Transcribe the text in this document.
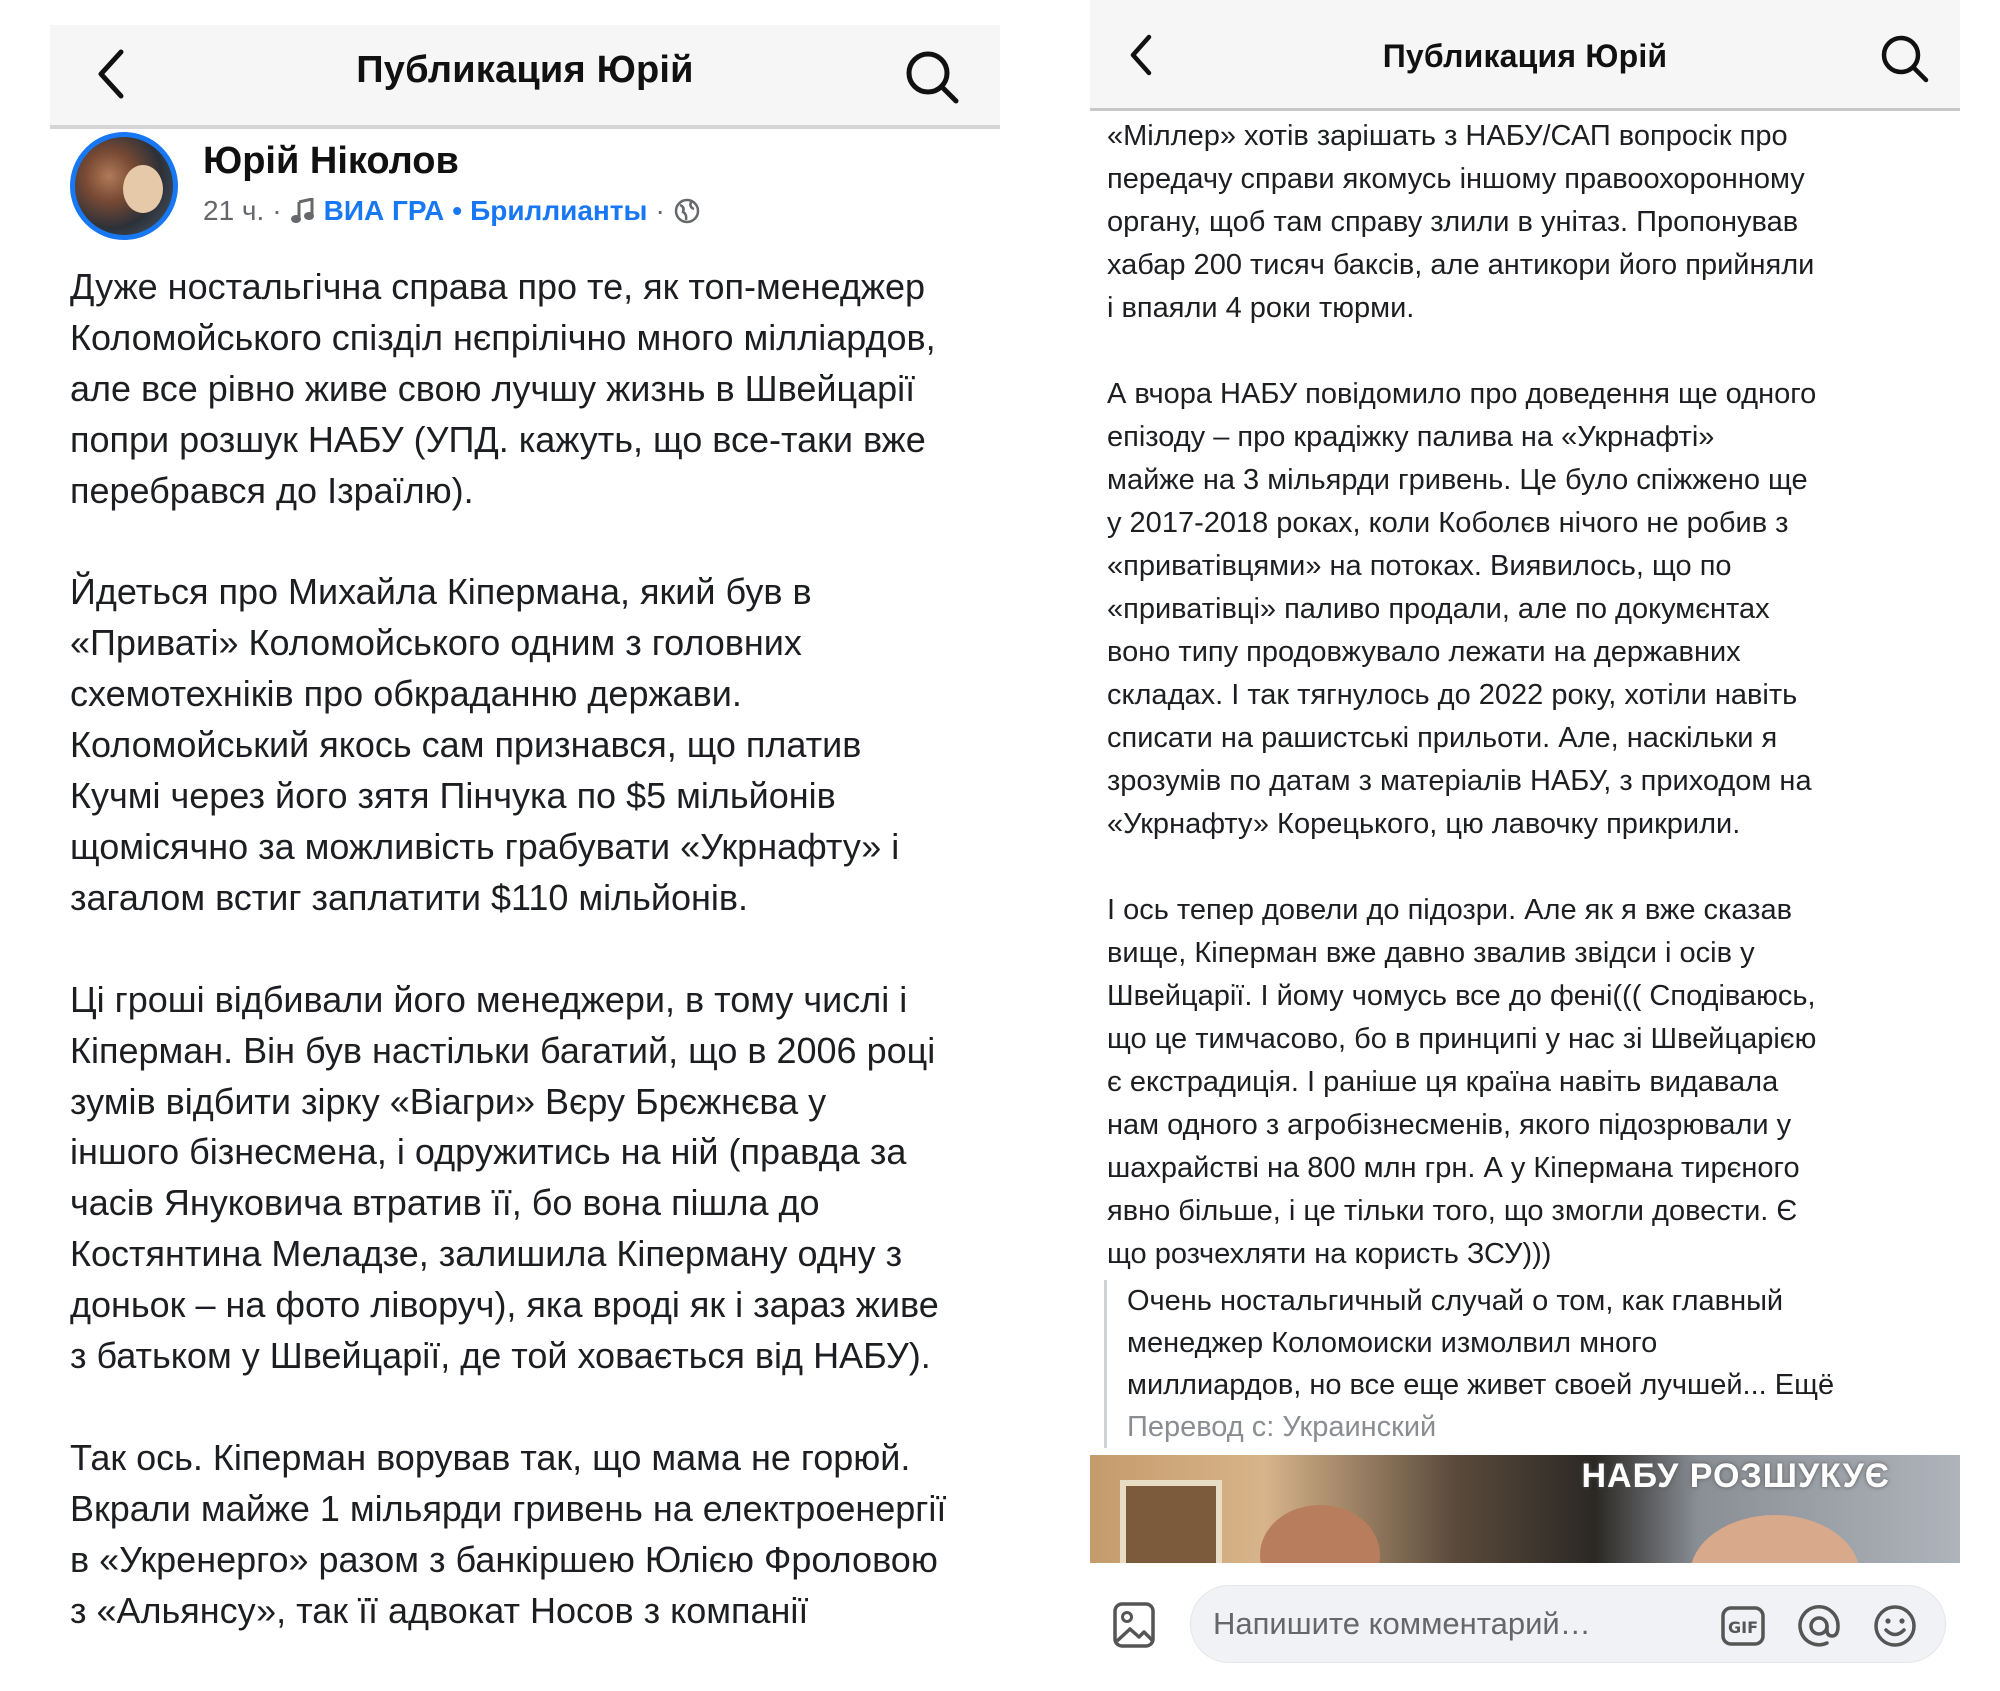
Публикация Юрій
Юрій Ніколов
21 ч. · ВИА ГРА • Бриллианты ·
Дуже ностальгічна справа про те, як топ-менеджер
Коломойського спізділ нєпрілічно много мілліардов,
але все рівно живе свою лучшу жизнь в Швейцарії
попри розшук НАБУ (УПД. кажуть, що все-таки вже
перебрався до Ізраїлю).

Йдеться про Михайла Кіпермана, який був в
«Приваті» Коломойського одним з головних
схемотехніків про обкраданню держави.
Коломойський якось сам признався, що платив
Кучмі через його зятя Пінчука по $5 мільйонів
щомісячно за можливість грабувати «Укрнафту» і
загалом встиг заплатити $110 мільйонів.

Ці гроші відбивали його менеджери, в тому числі і
Кіперман. Він був настільки багатий, що в 2006 році
зумів відбити зірку «Віагри» Вєру Брєжнєва у
іншого бізнесмена, і одружитись на ній (правда за
часів Януковича втратив її, бо вона пішла до
Костянтина Меладзе, залишила Кіперману одну з
доньок – на фото ліворуч), яка вроді як і зараз живе
з батьком у Швейцарії, де той ховається від НАБУ).

Так ось. Кіперман ворував так, що мама не горюй.
Вкрали майже 1 мільярди гривень на електроенергії
в «Укренерго» разом з банкіршею Юлією Фроловою
з «Альянсу», так її адвокат Носов з компанії
Публикация Юрій
«Міллер» хотів зарішать з НАБУ/САП вопросік про
передачу справи якомусь іншому правоохоронному
органу, щоб там справу злили в унітаз. Пропонував
хабар 200 тисяч баксів, але антикори його прийняли
і впаяли 4 роки тюрми.

А вчора НАБУ повідомило про доведення ще одного
епізоду – про крадіжку палива на «Укрнафті»
майже на 3 мільярди гривень. Це було спіжжено ще
у 2017-2018 роках, коли Коболєв нічого не робив з
«приватівцями» на потоках. Виявилось, що по
«приватівці» паливо продали, але по докумєнтах
воно типу продовжувало лежати на державних
складах. І так тягнулось до 2022 року, хотіли навіть
списати на рашистські прильоти. Але, наскільки я
зрозумів по датам з матеріалів НАБУ, з приходом на
«Укрнафту» Корецького, цю лавочку прикрили.

І ось тепер довели до підозри. Але як я вже сказав
вище, Кіперман вже давно звалив звідси і осів у
Швейцарії. І йому чомусь все до фені((( Сподіваюсь,
що це тимчасово, бо в принципі у нас зі Швейцарією
є екстрадиція. І раніше ця країна навіть видавала
нам одного з агробізнесменів, якого підозрювали у
шахрайстві на 800 млн грн. А у Кіпермана тирєного
явно більше, і це тільки того, що змогли довести. Є
що розчехляти на користь ЗСУ)))
Очень ностальгичный случай о том, как главный
менеджер Коломоиски измолвил много
миллиардов, но все еще живет своей лучшей... Ещё
Перевод с: Украинский
НАБУ РОЗШУКУЄ
Напишите комментарий…	GIF
